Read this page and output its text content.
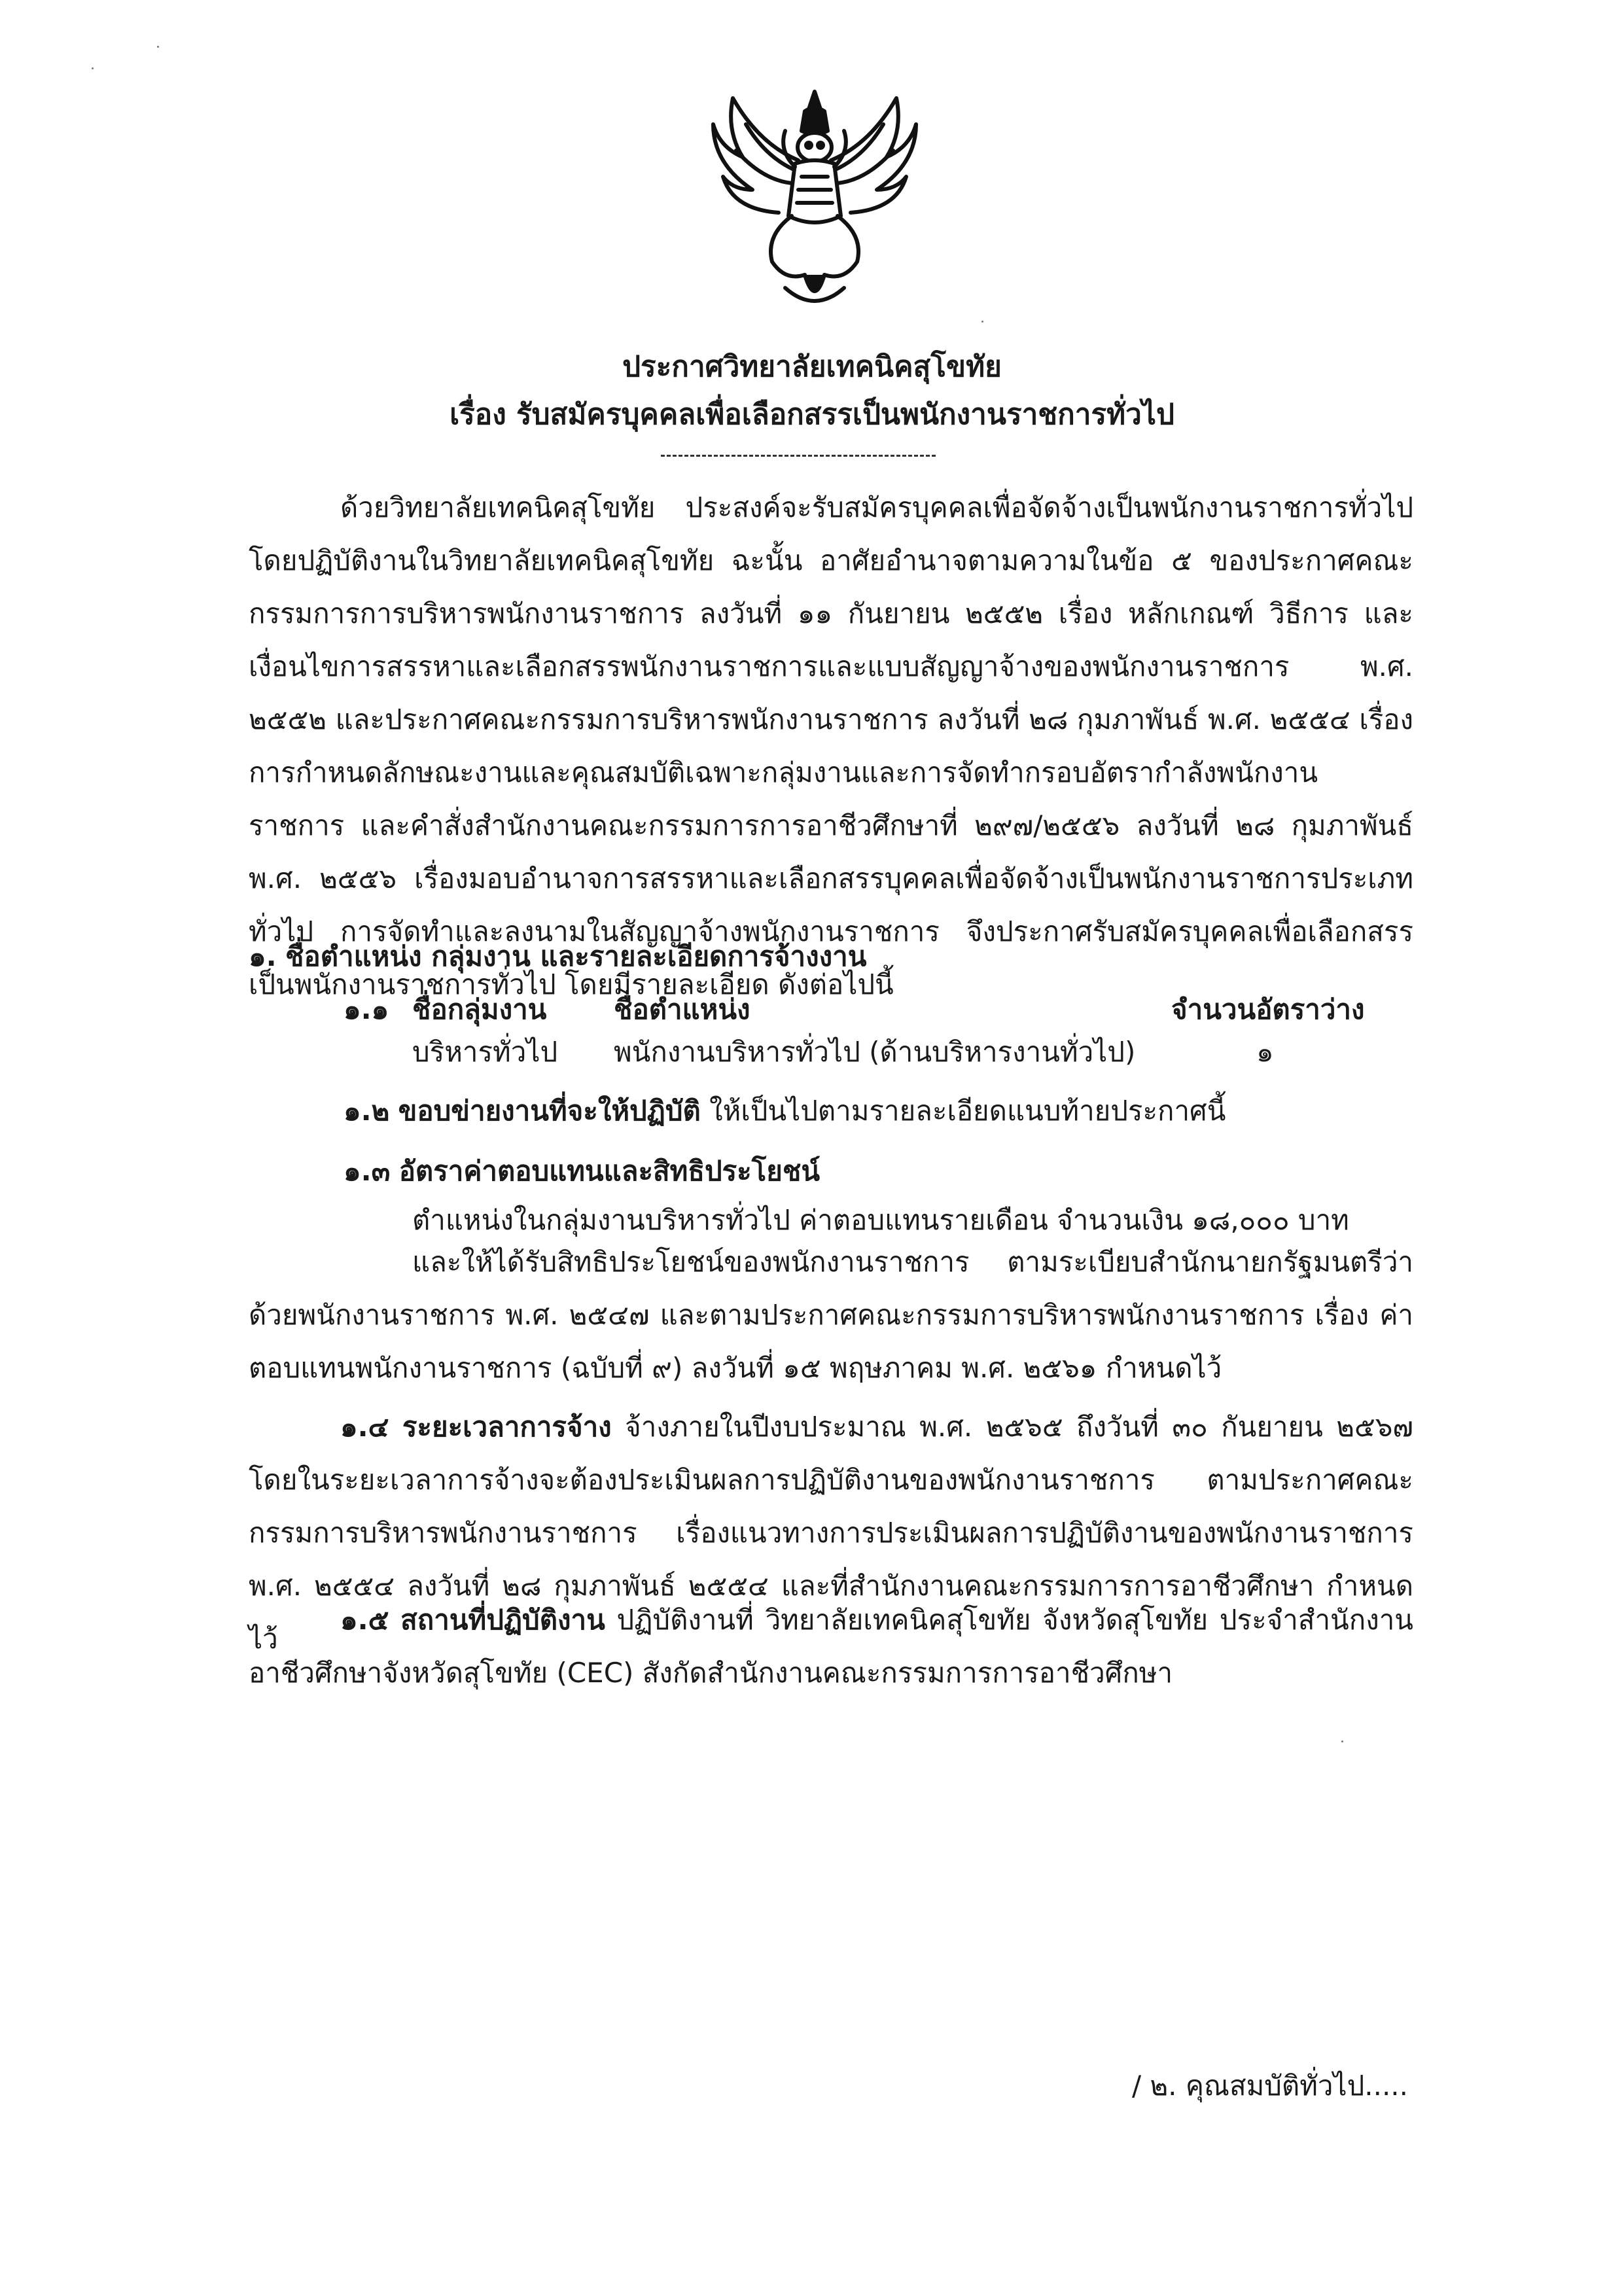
ประกาศวิทยาลัยเทคนิคสุโขทัย
เรื่อง รับสมัครบุคคลเพื่อเลือกสรรเป็นพนักงานราชการทั่วไป
ด้วยวิทยาลัยเทคนิคสุโขทัย ประสงค์จะรับสมัครบุคคลเพื่อจัดจ้างเป็นพนักงานราชการทั่วไป โดยปฏิบัติงานในวิทยาลัยเทคนิคสุโขทัย ฉะนั้น อาศัยอำนาจตามความในข้อ ๕ ของประกาศคณะกรรมการการบริหารพนักงานราชการ ลงวันที่ ๑๑ กันยายน ๒๕๕๒ เรื่อง หลักเกณฑ์ วิธีการ และเงื่อนไขการสรรหาและเลือกสรรพนักงานราชการและแบบสัญญาจ้างของพนักงานราชการ พ.ศ. ๒๕๕๒ และประกาศคณะกรรมการบริหารพนักงานราชการ ลงวันที่ ๒๘ กุมภาพันธ์ พ.ศ. ๒๕๕๔ เรื่อง การกำหนดลักษณะงานและคุณสมบัติเฉพาะกลุ่มงานและการจัดทำกรอบอัตรากำลังพนักงานราชการ และคำสั่งสำนักงานคณะกรรมการการอาชีวศึกษาที่ ๒๙๗/๒๕๕๖ ลงวันที่ ๒๘ กุมภาพันธ์ พ.ศ. ๒๕๕๖ เรื่องมอบอำนาจการสรรหาและเลือกสรรบุคคลเพื่อจัดจ้างเป็นพนักงานราชการประเภททั่วไป การจัดทำและลงนามในสัญญาจ้างพนักงานราชการ จึงประกาศรับสมัครบุคคลเพื่อเลือกสรรเป็นพนักงานราชการทั่วไป โดยมีรายละเอียด ดังต่อไปนี้
๑. ชื่อตำแหน่ง กลุ่มงาน และรายละเอียดการจ้างงาน
๑.๑ ชื่อกลุ่มงาน ชื่อตำแหน่ง	จำนวนอัตราว่าง
บริหารทั่วไป พนักงานบริหารทั่วไป (ด้านบริหารงานทั่วไป)	๑
๑.๒ ขอบข่ายงานที่จะให้ปฏิบัติ ให้เป็นไปตามรายละเอียดแนบท้ายประกาศนี้
๑.๓ อัตราค่าตอบแทนและสิทธิประโยชน์
ตำแหน่งในกลุ่มงานบริหารทั่วไป ค่าตอบแทนรายเดือน จำนวนเงิน ๑๘,๐๐๐ บาท
และให้ได้รับสิทธิประโยชน์ของพนักงานราชการ ตามระเบียบสำนักนายกรัฐมนตรีว่าด้วยพนักงานราชการ พ.ศ. ๒๕๔๗ และตามประกาศคณะกรรมการบริหารพนักงานราชการ เรื่อง ค่าตอบแทนพนักงานราชการ (ฉบับที่ ๙) ลงวันที่ ๑๕ พฤษภาคม พ.ศ. ๒๕๖๑ กำหนดไว้
๑.๔ ระยะเวลาการจ้าง จ้างภายในปีงบประมาณ พ.ศ. ๒๕๖๕ ถึงวันที่ ๓๐ กันยายน ๒๕๖๗ โดยในระยะเวลาการจ้างจะต้องประเมินผลการปฏิบัติงานของพนักงานราชการ ตามประกาศคณะกรรมการบริหารพนักงานราชการ เรื่องแนวทางการประเมินผลการปฏิบัติงานของพนักงานราชการ พ.ศ. ๒๕๕๔ ลงวันที่ ๒๘ กุมภาพันธ์ ๒๕๕๔ และที่สำนักงานคณะกรรมการการอาชีวศึกษา กำหนดไว้
๑.๕ สถานที่ปฏิบัติงาน ปฏิบัติงานที่ วิทยาลัยเทคนิคสุโขทัย จังหวัดสุโขทัย ประจำสำนักงานอาชีวศึกษาจังหวัดสุโขทัย (CEC) สังกัดสำนักงานคณะกรรมการการอาชีวศึกษา
/ ๒. คุณสมบัติทั่วไป.....
